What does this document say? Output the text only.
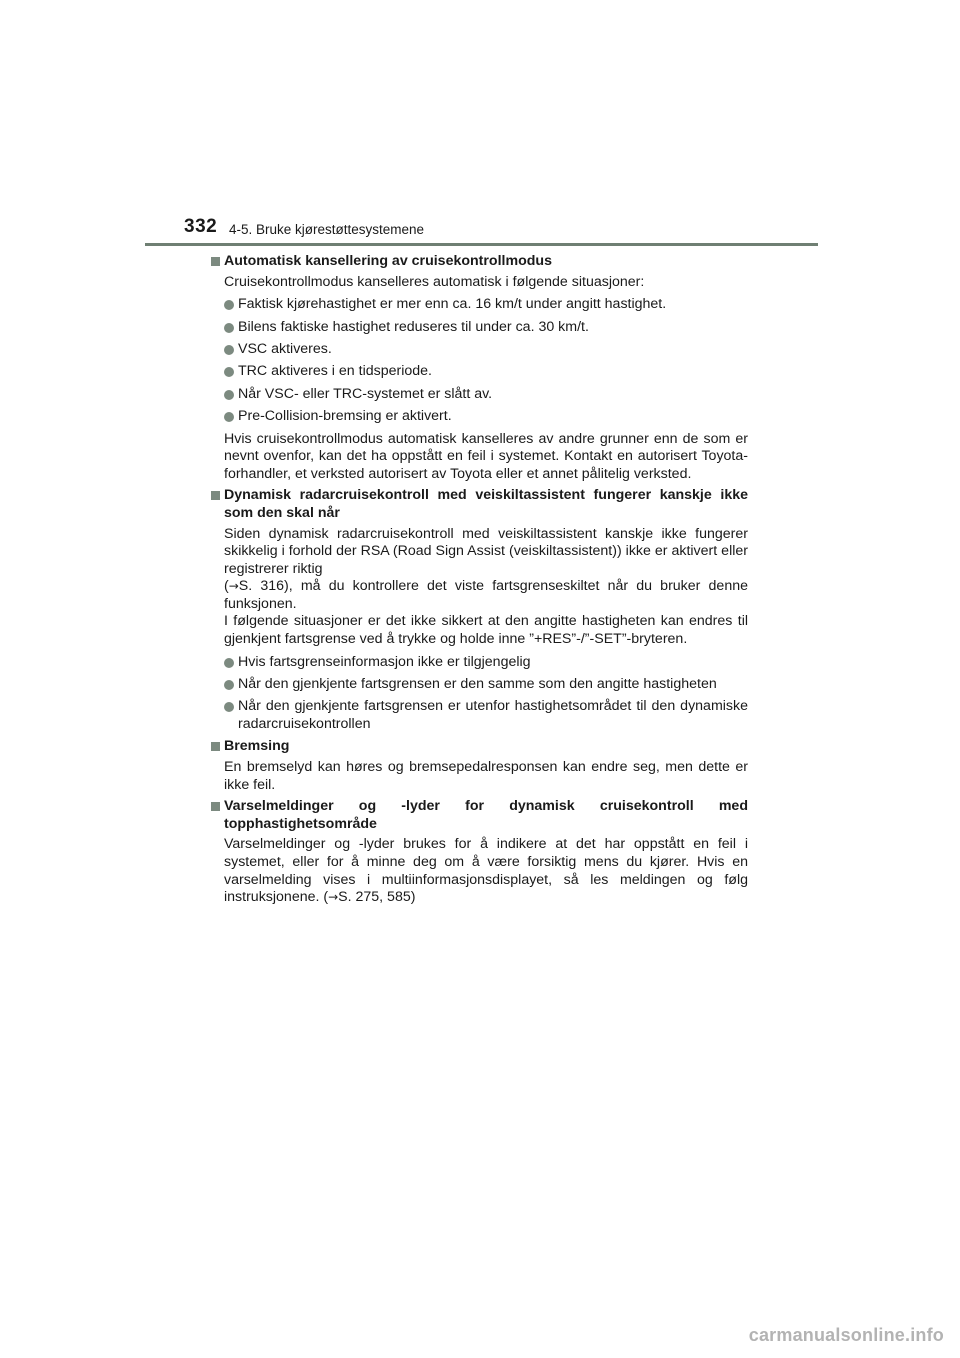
332 4-5. Bruke kjørestøttesystemene
Automatisk kansellering av cruisekontrollmodus
Cruisekontrollmodus kanselleres automatisk i følgende situasjoner:
Faktisk kjørehastighet er mer enn ca. 16 km/t under angitt hastighet.
Bilens faktiske hastighet reduseres til under ca. 30 km/t.
VSC aktiveres.
TRC aktiveres i en tidsperiode.
Når VSC- eller TRC-systemet er slått av.
Pre-Collision-bremsing er aktivert.
Hvis cruisekontrollmodus automatisk kanselleres av andre grunner enn de som er nevnt ovenfor, kan det ha oppstått en feil i systemet. Kontakt en autorisert Toyota-forhandler, et verksted autorisert av Toyota eller et annet pålitelig verksted.
Dynamisk radarcruisekontroll med veiskiltassistent fungerer kanskje ikke som den skal når
Siden dynamisk radarcruisekontroll med veiskiltassistent kanskje ikke fungerer skikkelig i forhold der RSA (Road Sign Assist (veiskiltassistent)) ikke er aktivert eller registrerer riktig
(→S. 316), må du kontrollere det viste fartsgrenseskiltet når du bruker denne funksjonen.
I følgende situasjoner er det ikke sikkert at den angitte hastigheten kan endres til gjenkjent fartsgrense ved å trykke og holde inne ”+RES”-/”-SET”-bryteren.
Hvis fartsgrenseinformasjon ikke er tilgjengelig
Når den gjenkjente fartsgrensen er den samme som den angitte hastigheten
Når den gjenkjente fartsgrensen er utenfor hastighetsområdet til den dynamiske radarcruisekontrollen
Bremsing
En bremselyd kan høres og bremsepedalresponsen kan endre seg, men dette er ikke feil.
Varselmeldinger og -lyder for dynamisk cruisekontroll med topphastighetsområde
Varselmeldinger og -lyder brukes for å indikere at det har oppstått en feil i systemet, eller for å minne deg om å være forsiktig mens du kjører. Hvis en varselmelding vises i multiinformasjonsdisplayet, så les meldingen og følg instruksjonene. (→S. 275, 585)
carmanualsonline.info
